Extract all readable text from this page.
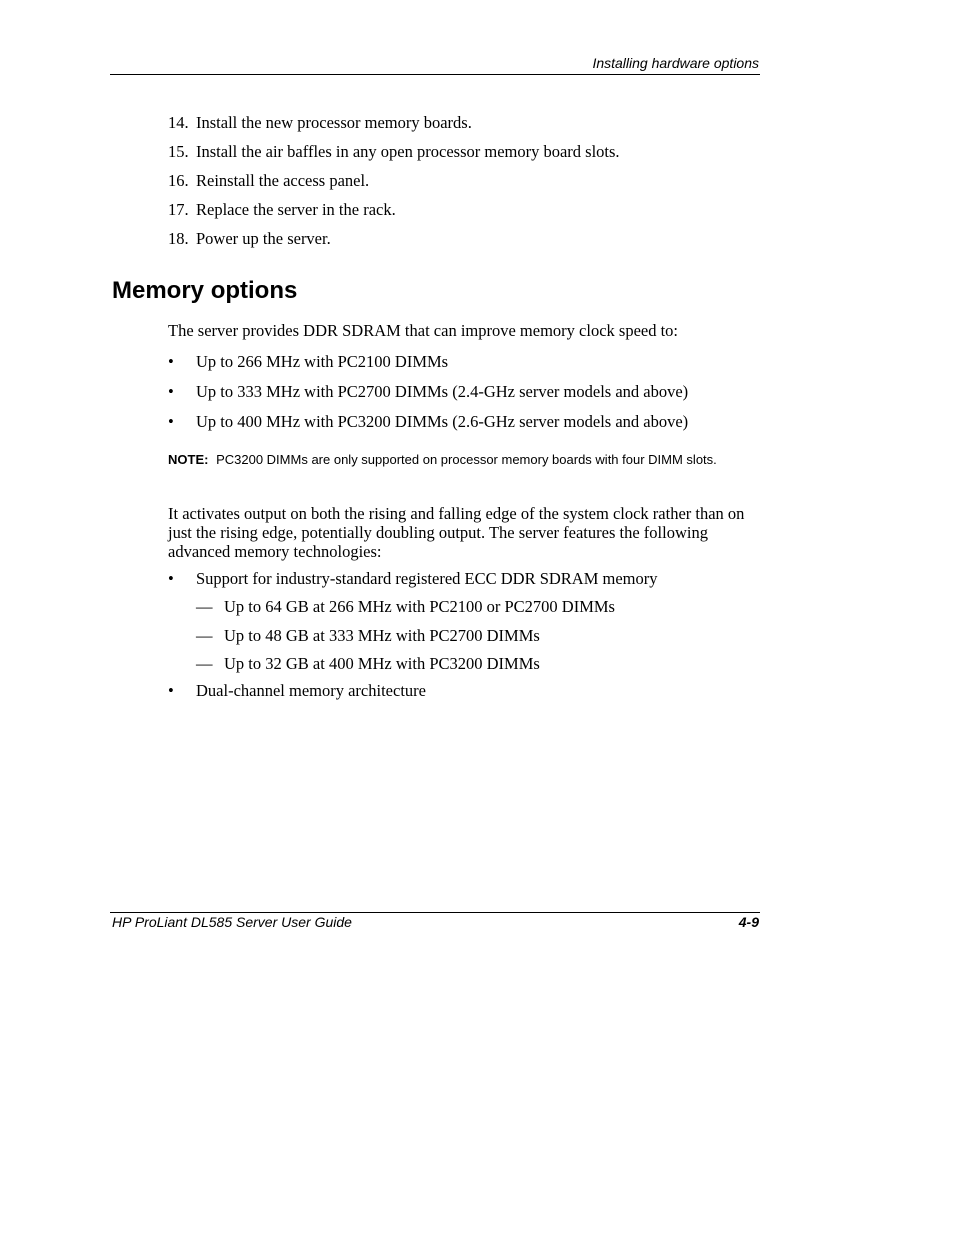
Installing hardware options
14. Install the new processor memory boards.
15. Install the air baffles in any open processor memory board slots.
16. Reinstall the access panel.
17. Replace the server in the rack.
18. Power up the server.
Memory options

The server provides DDR SDRAM that can improve memory clock speed to:

•	Up to 266 MHz with PC2100 DIMMs
•	Up to 333 MHz with PC2700 DIMMs (2.4-GHz server models and above)
•	Up to 400 MHz with PC3200 DIMMs (2.6-GHz server models and above)
NOTE: PC3200 DIMMs are only supported on processor memory boards with four DIMM slots.

It activates output on both the rising and falling edge of the system clock rather than on just the rising edge, potentially doubling output. The server features the following advanced memory technologies:

•	Support for industry-standard registered ECC DDR SDRAM memory
— Up to 64 GB at 266 MHz with PC2100 or PC2700 DIMMs
— Up to 48 GB at 333 MHz with PC2700 DIMMs
— Up to 32 GB at 400 MHz with PC3200 DIMMs
•	Dual-channel memory architecture
HP ProLiant DL585 Server User Guide	4-9
